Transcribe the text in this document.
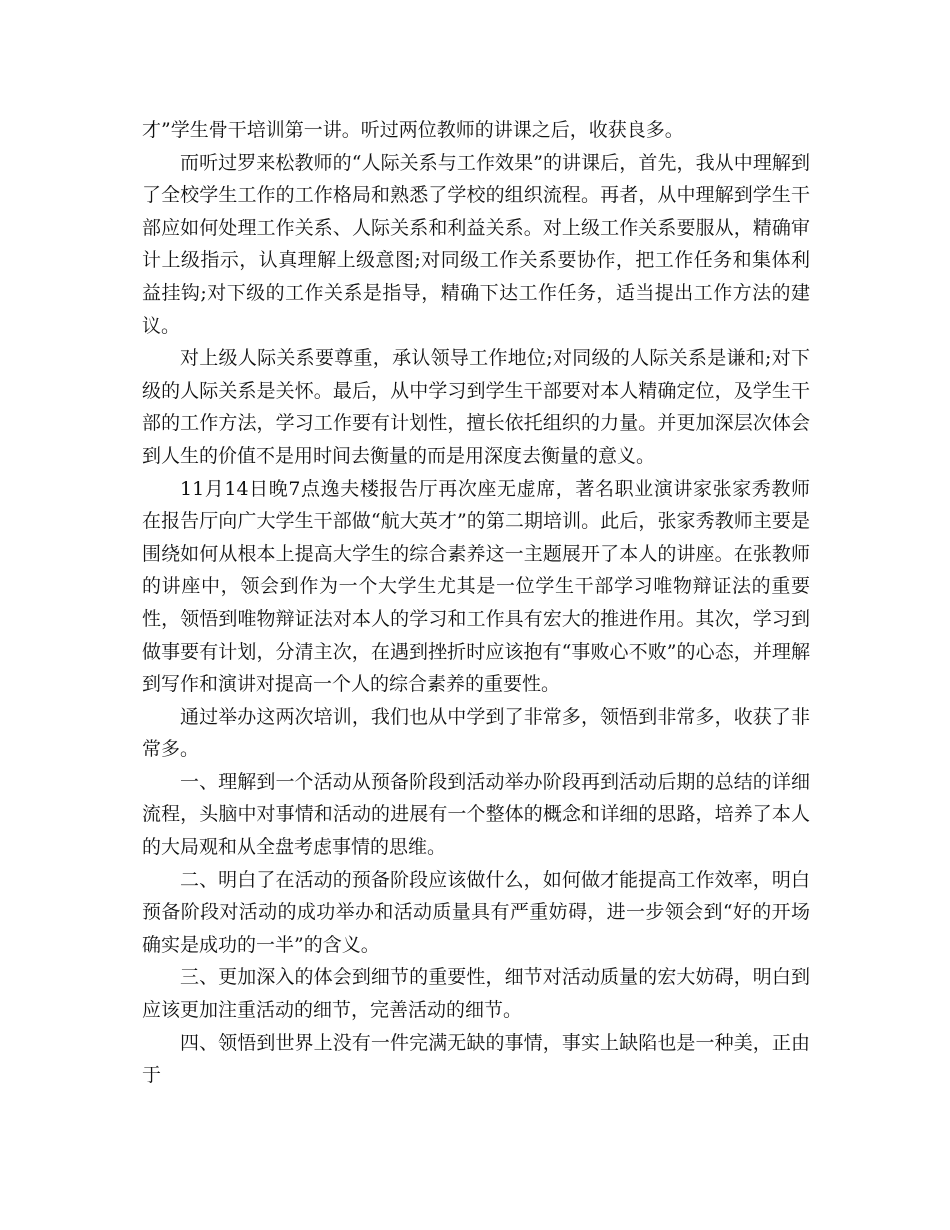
才”学生骨干培训第一讲。听过两位教师的讲课之后，收获良多。

而听过罗来松教师的“人际关系与工作效果”的讲课后，首先，我从中理解到了全校学生工作的工作格局和熟悉了学校的组织流程。再者，从中理解到学生干部应如何处理工作关系、人际关系和利益关系。对上级工作关系要服从，精确审计上级指示，认真理解上级意图;对同级工作关系要协作，把工作任务和集体利益挂钩;对下级的工作关系是指导，精确下达工作任务，适当提出工作方法的建议。

对上级人际关系要尊重，承认领导工作地位;对同级的人际关系是谦和;对下级的人际关系是关怀。最后，从中学习到学生干部要对本人精确定位，及学生干部的工作方法，学习工作要有计划性，擅长依托组织的力量。并更加深层次体会到人生的价值不是用时间去衡量的而是用深度去衡量的意义。

11月14日晚7点逸夫楼报告厅再次座无虚席，著名职业演讲家张家秀教师在报告厅向广大学生干部做“航大英才”的第二期培训。此后，张家秀教师主要是围绕如何从根本上提高大学生的综合素养这一主题展开了本人的讲座。在张教师的讲座中，领会到作为一个大学生尤其是一位学生干部学习唯物辩证法的重要性，领悟到唯物辩证法对本人的学习和工作具有宏大的推进作用。其次，学习到做事要有计划，分清主次，在遇到挫折时应该抱有“事败心不败”的心态，并理解到写作和演讲对提高一个人的综合素养的重要性。

通过举办这两次培训，我们也从中学到了非常多，领悟到非常多，收获了非常多。

一、理解到一个活动从预备阶段到活动举办阶段再到活动后期的总结的详细流程，头脑中对事情和活动的进展有一个整体的概念和详细的思路，培养了本人的大局观和从全盘考虑事情的思维。

二、明白了在活动的预备阶段应该做什么，如何做才能提高工作效率，明白预备阶段对活动的成功举办和活动质量具有严重妨碍，进一步领会到“好的开场确实是成功的一半”的含义。

三、更加深入的体会到细节的重要性，细节对活动质量的宏大妨碍，明白到应该更加注重活动的细节，完善活动的细节。

四、领悟到世界上没有一件完满无缺的事情，事实上缺陷也是一种美，正由于
